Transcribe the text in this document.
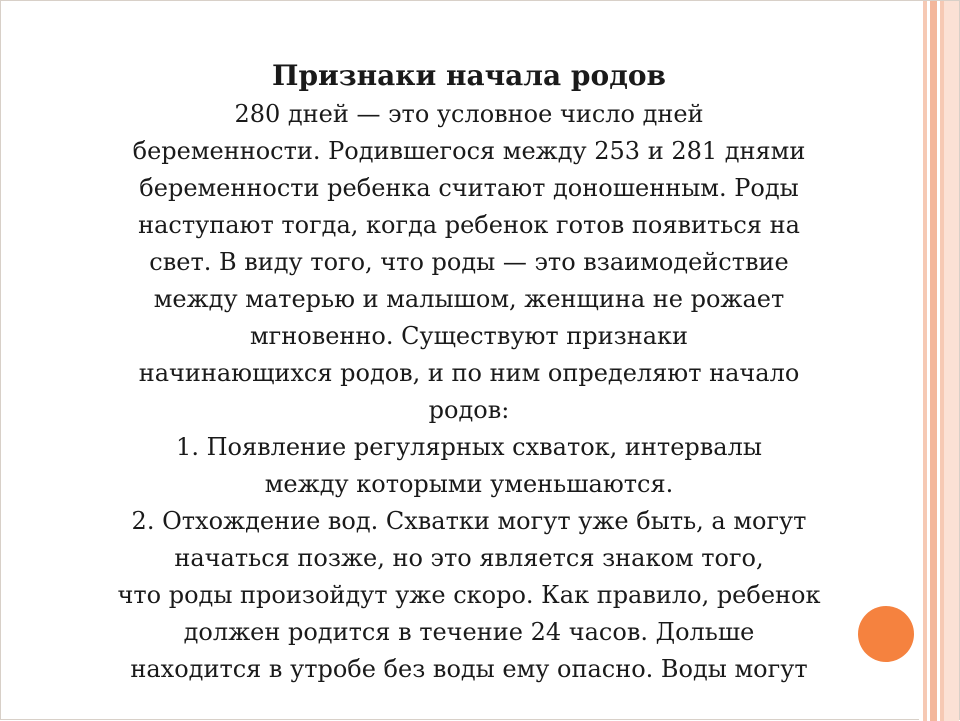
Признаки начала родов

280 дней — это условное число дней

беременности. Родившегося между 253 и 281 днями

беременности ребенка считают доношенным. Роды

наступают тогда, когда ребенок готов появиться на

свет. В виду того, что роды — это взаимодействие

между матерью и малышом, женщина не рожает

мгновенно. Существуют признаки

начинающихся родов, и по ним определяют начало

родов:

1. Появление регулярных схваток, интервалы

между которыми уменьшаются.

2. Отхождение вод. Схватки могут уже быть, а могут

начаться позже, но это является знаком того,

что роды произойдут уже скоро. Как правило, ребенок

должен родится в течение 24 часов. Дольше

находится в утробе без воды ему опасно. Воды могут
